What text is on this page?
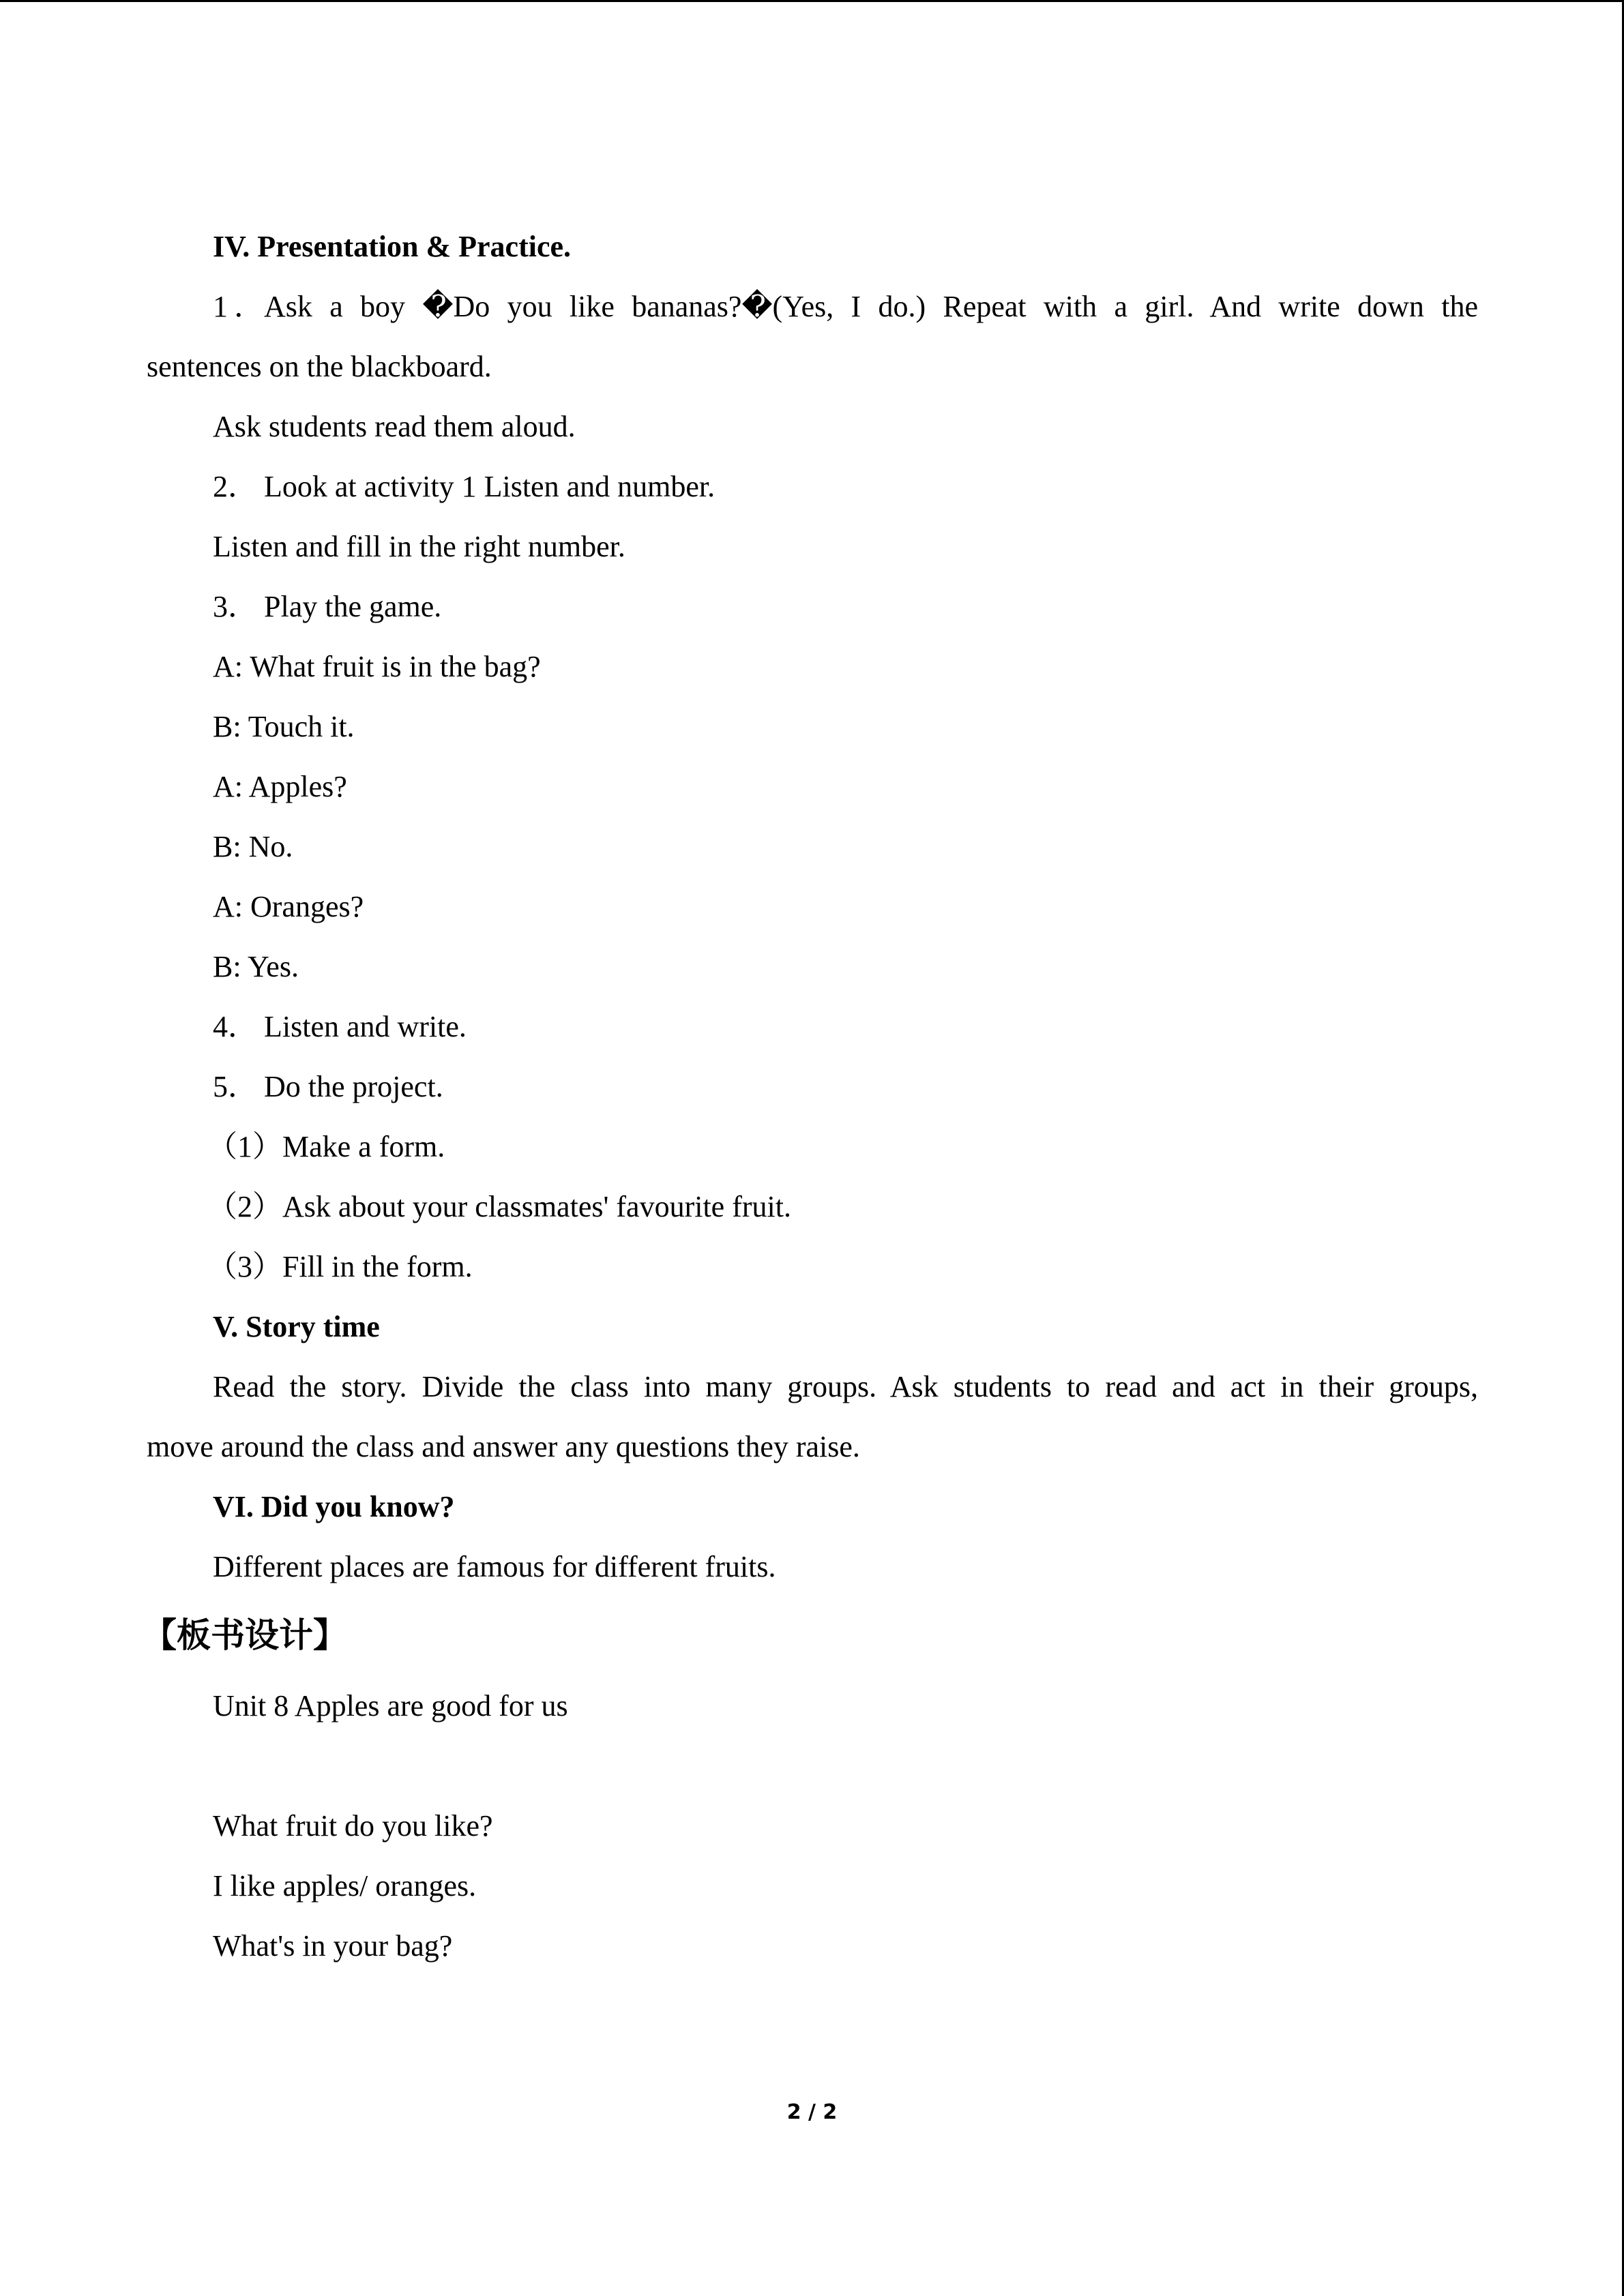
IV. Presentation & Practice.
1．Ask a boy �Do you like bananas?�(Yes, I do.) Repeat with a girl. And write down the
sentences on the blackboard.
Ask students read them aloud.
2． Look at activity 1 Listen and number.
Listen and fill in the right number.
3． Play the game.
A: What fruit is in the bag?
B: Touch it.
A: Apples?
B: No.
A: Oranges?
B: Yes.
4． Listen and write.
5． Do the project.
（1）Make a form.
（2）Ask about your classmates' favourite fruit.
（3）Fill in the form.
V. Story time
Read the story. Divide the class into many groups. Ask students to read and act in their groups,
move around the class and answer any questions they raise.
VI. Did you know?
Different places are famous for different fruits.
【板书设计】
Unit 8 Apples are good for us
What fruit do you like?
I like apples/ oranges.
What's in your bag?
2 / 2
